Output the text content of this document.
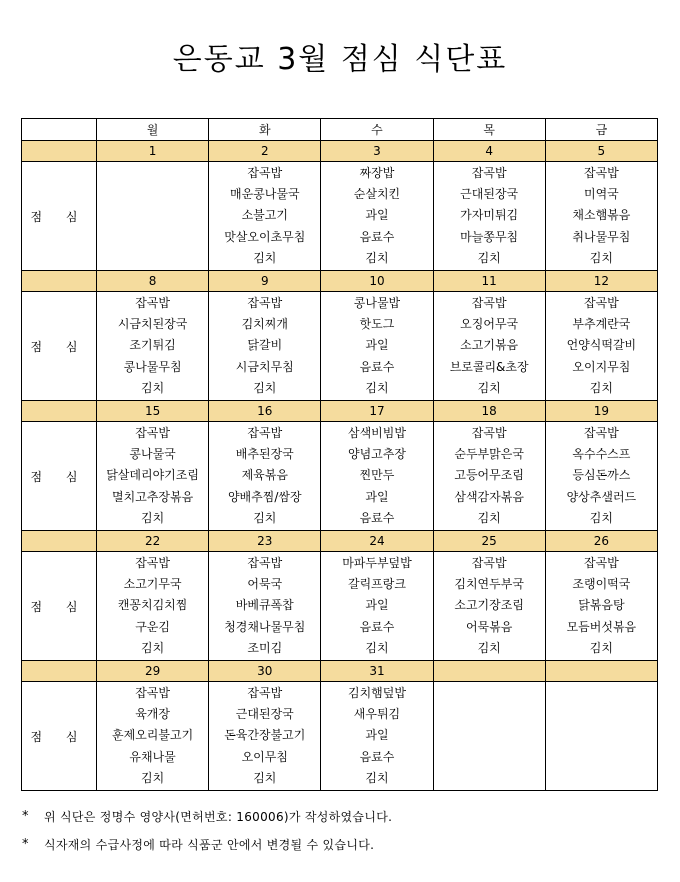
은동교 3월 점심 식단표
	월	화	수	목	금
	1	2	3	4	5
점 심		잡곡밥
매운콩나물국
소불고기
맛살오이초무침
김치	짜장밥
순살치킨
과일
음료수
김치	잡곡밥
근대된장국
가자미튀김
마늘쫑무침
김치	잡곡밥
미역국
채소햄볶음
취나물무침
김치

	8	9	10	11	12
점 심	잡곡밥
시금치된장국
조기튀김
콩나물무침
김치	잡곡밥
김치찌개
닭갈비
시금치무침
김치	콩나물밥
핫도그
과일
음료수
김치	잡곡밥
오징어무국
소고기볶음
브로콜리&초장
김치	잡곡밥
부추계란국
언양식떡갈비
오이지무침
김치

	15	16	17	18	19
점 심	잡곡밥
콩나물국
닭살데리야기조림
멸치고추장볶음
김치	잡곡밥
배추된장국
제육볶음
양배추찜/쌈장
김치	삼색비빔밥
양념고추장
찐만두
과일
음료수	잡곡밥
순두부맑은국
고등어무조림
삼색감자볶음
김치	잡곡밥
옥수수스프
등심돈까스
양상추샐러드
김치

	22	23	24	25	26
점 심	잡곡밥
소고기무국
캔꽁치김치찜
구운김
김치	잡곡밥
어묵국
바베큐폭찹
청경채나물무침
조미김	마파두부덮밥
갈릭프랑크
과일
음료수
김치	잡곡밥
김치연두부국
소고기장조림
어묵볶음
김치	잡곡밥
조랭이떡국
닭볶음탕
모듬버섯볶음
김치

	29	30	31		
점 심	잡곡밥
육개장
훈제오리불고기
유채나물
김치	잡곡밥
근대된장국
돈육간장불고기
오이무침
김치	김치햄덮밥
새우튀김
과일
음료수
김치		

*	위 식단은 정명수 영양사(면허번호: 160006)가 작성하였습니다.
*	식자재의 수급사정에 따라 식품군 안에서 변경될 수 있습니다.
